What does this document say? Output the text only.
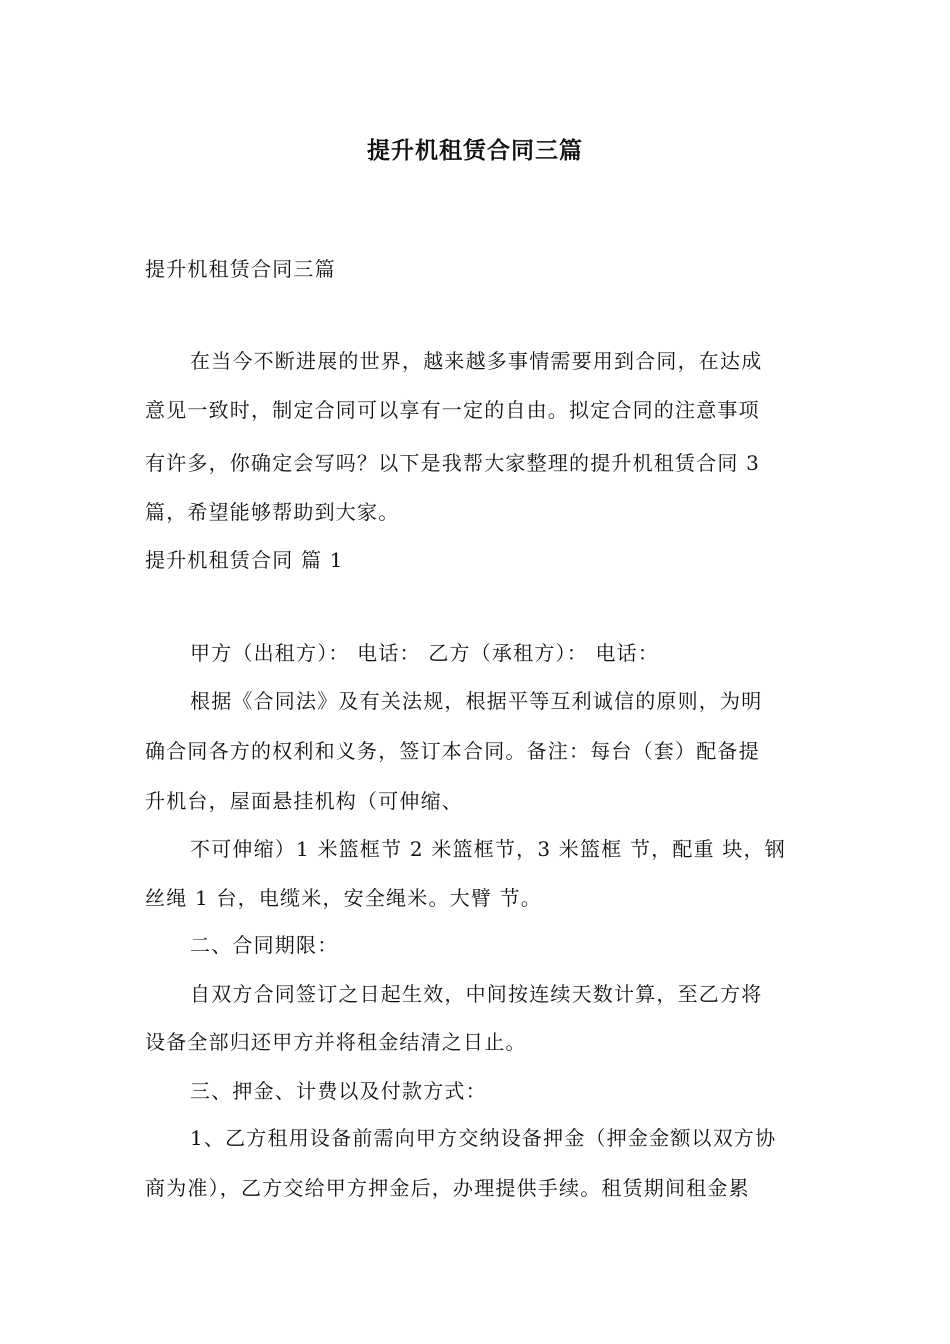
提升机租赁合同三篇
提升机租赁合同三篇
在当今不断进展的世界，越来越多事情需要用到合同，在达成
意见一致时，制定合同可以享有一定的自由。拟定合同的注意事项
有许多，你确定会写吗？以下是我帮大家整理的提升机租赁合同 3
篇，希望能够帮助到大家。
提升机租赁合同 篇 1
甲方（出租方）： 电话： 乙方（承租方）： 电话：
根据《合同法》及有关法规，根据平等互利诚信的原则，为明
确合同各方的权利和义务，签订本合同。备注：每台（套）配备提
升机台，屋面悬挂机构（可伸缩、
不可伸缩）1 米篮框节 2 米篮框节，3 米篮框 节，配重 块，钢
丝绳 1 台，电缆米，安全绳米。大臂 节。
二、合同期限：
自双方合同签订之日起生效，中间按连续天数计算，至乙方将
设备全部归还甲方并将租金结清之日止。
三、押金、计费以及付款方式：
1、乙方租用设备前需向甲方交纳设备押金（押金金额以双方协
商为准），乙方交给甲方押金后，办理提供手续。租赁期间租金累
